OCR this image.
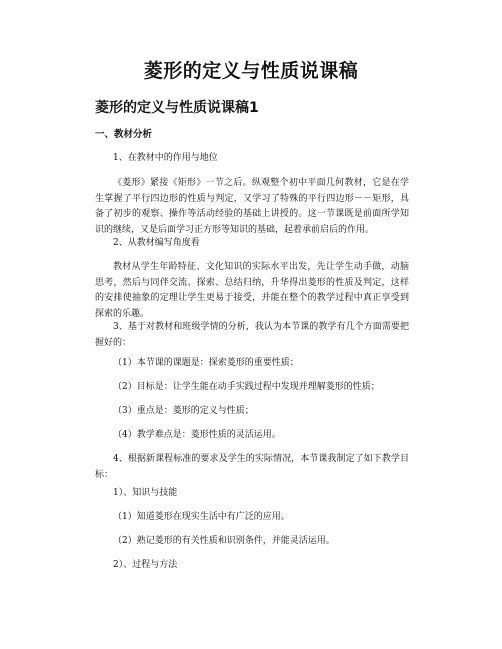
菱形的定义与性质说课稿
菱形的定义与性质说课稿1
一、教材分析
1、在教材中的作用与地位
《菱形》紧接《矩形》一节之后。纵观整个初中平面几何教材，它是在学生掌握了平行四边形的性质与判定，又学习了特殊的平行四边形－－矩形，具备了初步的观察、操作等活动经验的基础上讲授的。这一节课既是前面所学知识的继续，又是后面学习正方形等知识的基础，起着承前启后的作用。
2、从教材编写角度看
教材从学生年龄特征、文化知识的实际水平出发，先让学生动手做，动脑思考，然后与同伴交流、探索、总结归纳，升华得出菱形的性质及判定，这样的安排使抽象的定理让学生更易于接受，并能在整个的教学过程中真正享受到探索的乐趣。
3、基于对教材和班级学情的分析，我认为本节课的教学有几个方面需要把握好的：
（1）本节课的课题是：探索菱形的重要性质；
（2）目标是：让学生能在动手实践过程中发现并理解菱形的性质；
（3）重点是：菱形的定义与性质；
（4）教学难点是：菱形性质的灵活运用。
4、根据新课程标准的要求及学生的实际情况，本节课我制定了如下教学目标：
1）、知识与技能
（1）知道菱形在现实生活中有广泛的应用。
（2）熟记菱形的有关性质和识别条件，并能灵活运用。
2）、过程与方法
